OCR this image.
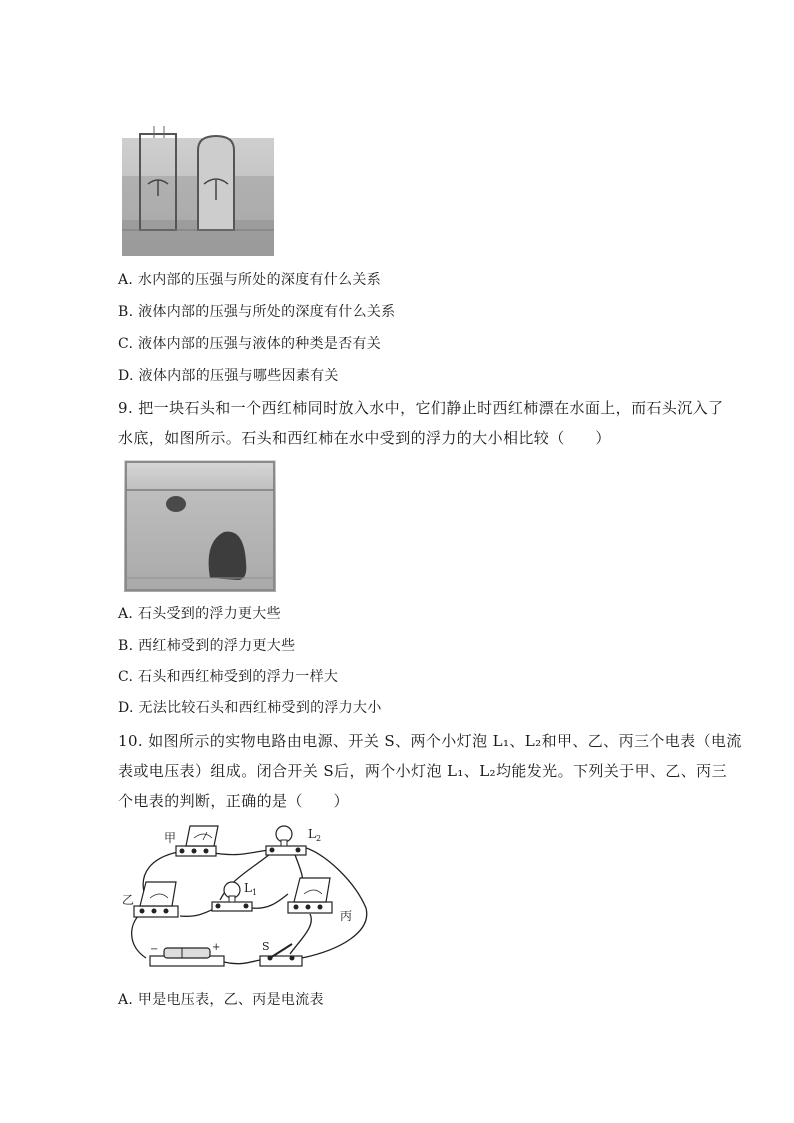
A. 水内部的压强与所处的深度有什么关系
B. 液体内部的压强与所处的深度有什么关系
C. 液体内部的压强与液体的种类是否有关
D. 液体内部的压强与哪些因素有关
9. 把一块石头和一个西红柿同时放入水中，它们静止时西红柿漂在水面上，而石头沉入了
水底，如图所示。石头和西红柿在水中受到的浮力的大小相比较（　　）
A. 石头受到的浮力更大些
B. 西红柿受到的浮力更大些
C. 石头和西红柿受到的浮力一样大
D. 无法比较石头和西红柿受到的浮力大小
10. 如图所示的实物电路由电源、开关 S、两个小灯泡 L₁、L₂和甲、乙、丙三个电表（电流
表或电压表）组成。闭合开关 S后，两个小灯泡 L₁、L₂均能发光。下列关于甲、乙、丙三
个电表的判断，正确的是（　　）
甲	$L_2$
乙
$L_1$
丙
S
−	+
A. 甲是电压表，乙、丙是电流表
